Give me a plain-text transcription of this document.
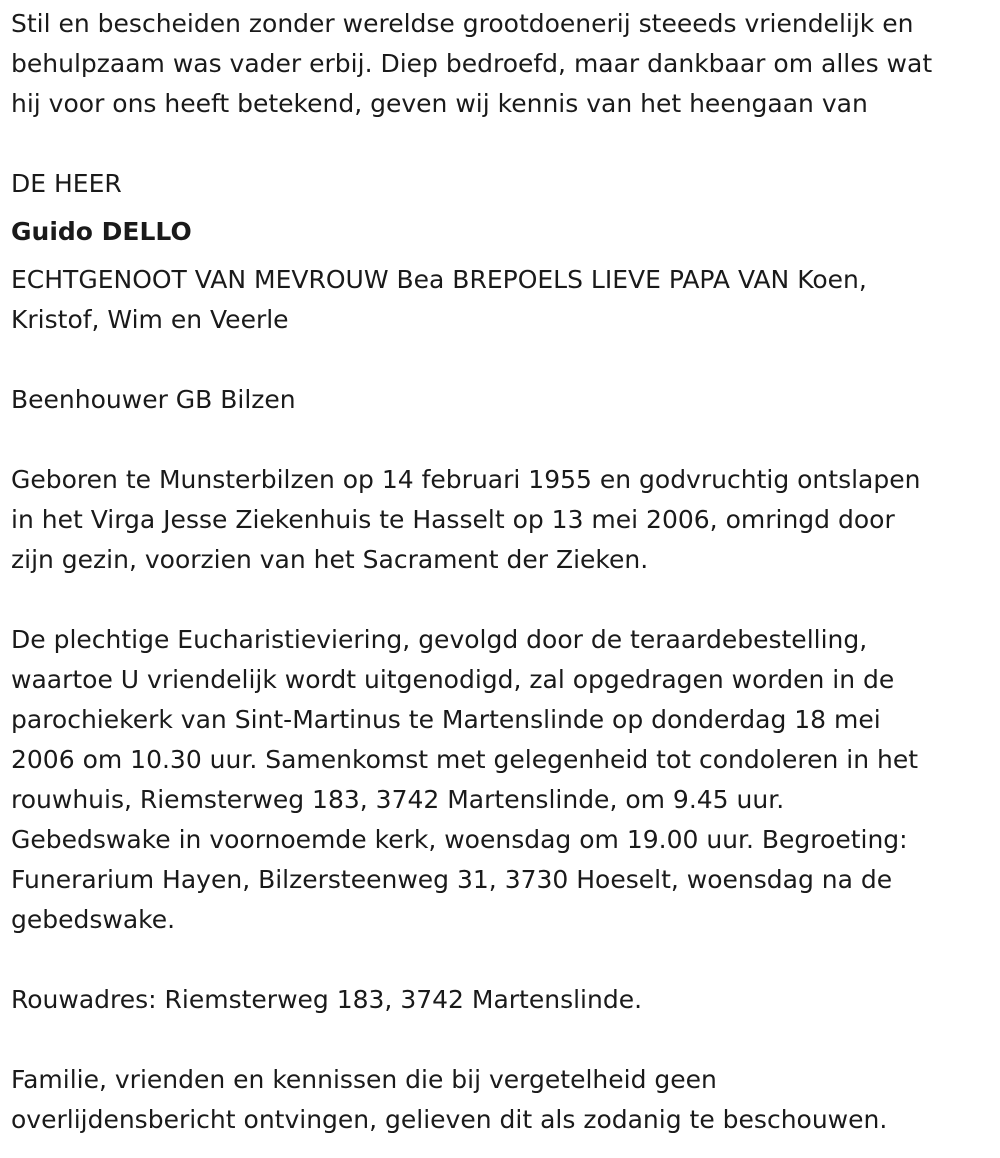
Stil en bescheiden zonder wereldse grootdoenerij steeeds vriendelijk en
behulpzaam was vader erbij. Diep bedroefd, maar dankbaar om alles wat
hij voor ons heeft betekend, geven wij kennis van het heengaan van

DE HEER

Guido DELLO

ECHTGENOOT VAN MEVROUW Bea BREPOELS LIEVE PAPA VAN Koen,
Kristof, Wim en Veerle

Beenhouwer GB Bilzen

Geboren te Munsterbilzen op 14 februari 1955 en godvruchtig ontslapen
in het Virga Jesse Ziekenhuis te Hasselt op 13 mei 2006, omringd door
zijn gezin, voorzien van het Sacrament der Zieken.
De plechtige Eucharistieviering, gevolgd door de teraardebestelling,
waartoe U vriendelijk wordt uitgenodigd, zal opgedragen worden in de
parochiekerk van Sint-Martinus te Martenslinde op donderdag 18 mei
2006 om 10.30 uur. Samenkomst met gelegenheid tot condoleren in het
rouwhuis, Riemsterweg 183, 3742 Martenslinde, om 9.45 uur.
Gebedswake in voornoemde kerk, woensdag om 19.00 uur. Begroeting:
Funerarium Hayen, Bilzersteenweg 31, 3730 Hoeselt, woensdag na de
gebedswake.

Rouwadres: Riemsterweg 183, 3742 Martenslinde.

Familie, vrienden en kennissen die bij vergetelheid geen
overlijdensbericht ontvingen, gelieven dit als zodanig te beschouwen.
